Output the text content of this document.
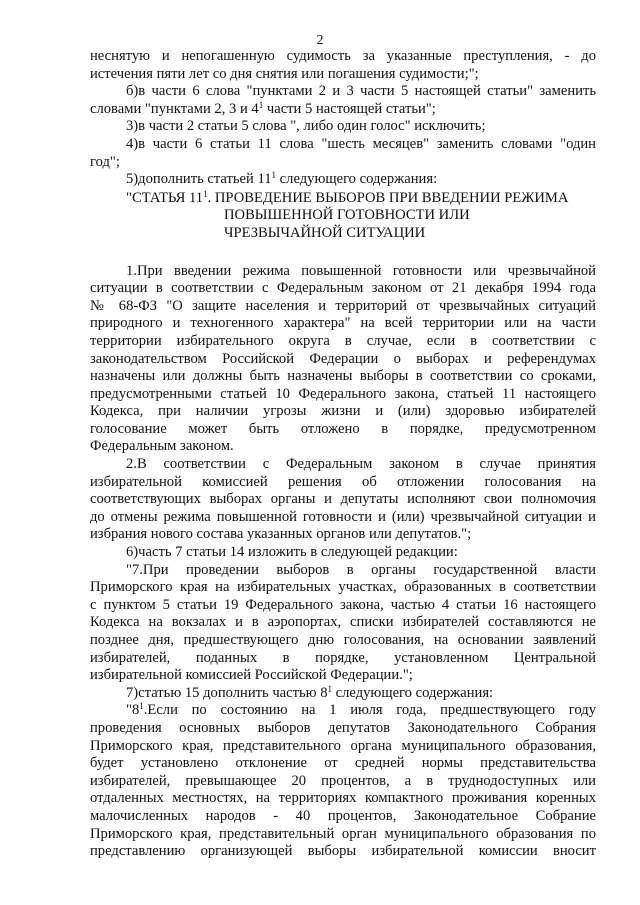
2
неснятую и непогашенную судимость за указанные преступления, - до
истечения пяти лет со дня снятия или погашения судимости;";
б)в части 6 слова "пунктами 2 и 3 части 5 настоящей статьи" заменить
словами "пунктами 2, 3 и $4^1$ части 5 настоящей статьи";
3)в части 2 статьи 5 слова ", либо один голос" исключить;
4)в части 6 статьи 11 слова "шесть месяцев" заменить словами "один
год";
5)дополнить статьей $11^1$ следующего содержания:
"СТАТЬЯ $11^1$. ПРОВЕДЕНИЕ ВЫБОРОВ ПРИ ВВЕДЕНИИ РЕЖИМА
ПОВЫШЕННОЙ ГОТОВНОСТИ ИЛИ
ЧРЕЗВЫЧАЙНОЙ СИТУАЦИИ
1.При введении режима повышенной готовности или чрезвычайной
ситуации в соответствии с Федеральным законом от 21 декабря 1994 года
№ 68-ФЗ "О защите населения и территорий от чрезвычайных ситуаций
природного и техногенного характера" на всей территории или на части
территории избирательного округа в случае, если в соответствии с
законодательством Российской Федерации о выборах и референдумах
назначены или должны быть назначены выборы в соответствии со сроками,
предусмотренными статьей 10 Федерального закона, статьей 11 настоящего
Кодекса, при наличии угрозы жизни и (или) здоровью избирателей
голосование может быть отложено в порядке, предусмотренном
Федеральным законом.
2.В соответствии с Федеральным законом в случае принятия
избирательной комиссией решения об отложении голосования на
соответствующих выборах органы и депутаты исполняют свои полномочия
до отмены режима повышенной готовности и (или) чрезвычайной ситуации и
избрания нового состава указанных органов или депутатов.";
6)часть 7 статьи 14 изложить в следующей редакции:
"7.При проведении выборов в органы государственной власти
Приморского края на избирательных участках, образованных в соответствии
с пунктом 5 статьи 19 Федерального закона, частью 4 статьи 16 настоящего
Кодекса на вокзалах и в аэропортах, списки избирателей составляются не
позднее дня, предшествующего дню голосования, на основании заявлений
избирателей, поданных в порядке, установленном Центральной
избирательной комиссией Российской Федерации.";
7)статью 15 дополнить частью $8^1$ следующего содержания:
"$8^1.Если$ по состоянию на 1 июля года, предшествующего году
проведения основных выборов депутатов Законодательного Собрания
Приморского края, представительного органа муниципального образования,
будет установлено отклонение от средней нормы представительства
избирателей, превышающее 20 процентов, а в труднодоступных или
отдаленных местностях, на территориях компактного проживания коренных
малочисленных народов - 40 процентов, Законодательное Собрание
Приморского края, представительный орган муниципального образования по
представлению организующей выборы избирательной комиссии вносит
